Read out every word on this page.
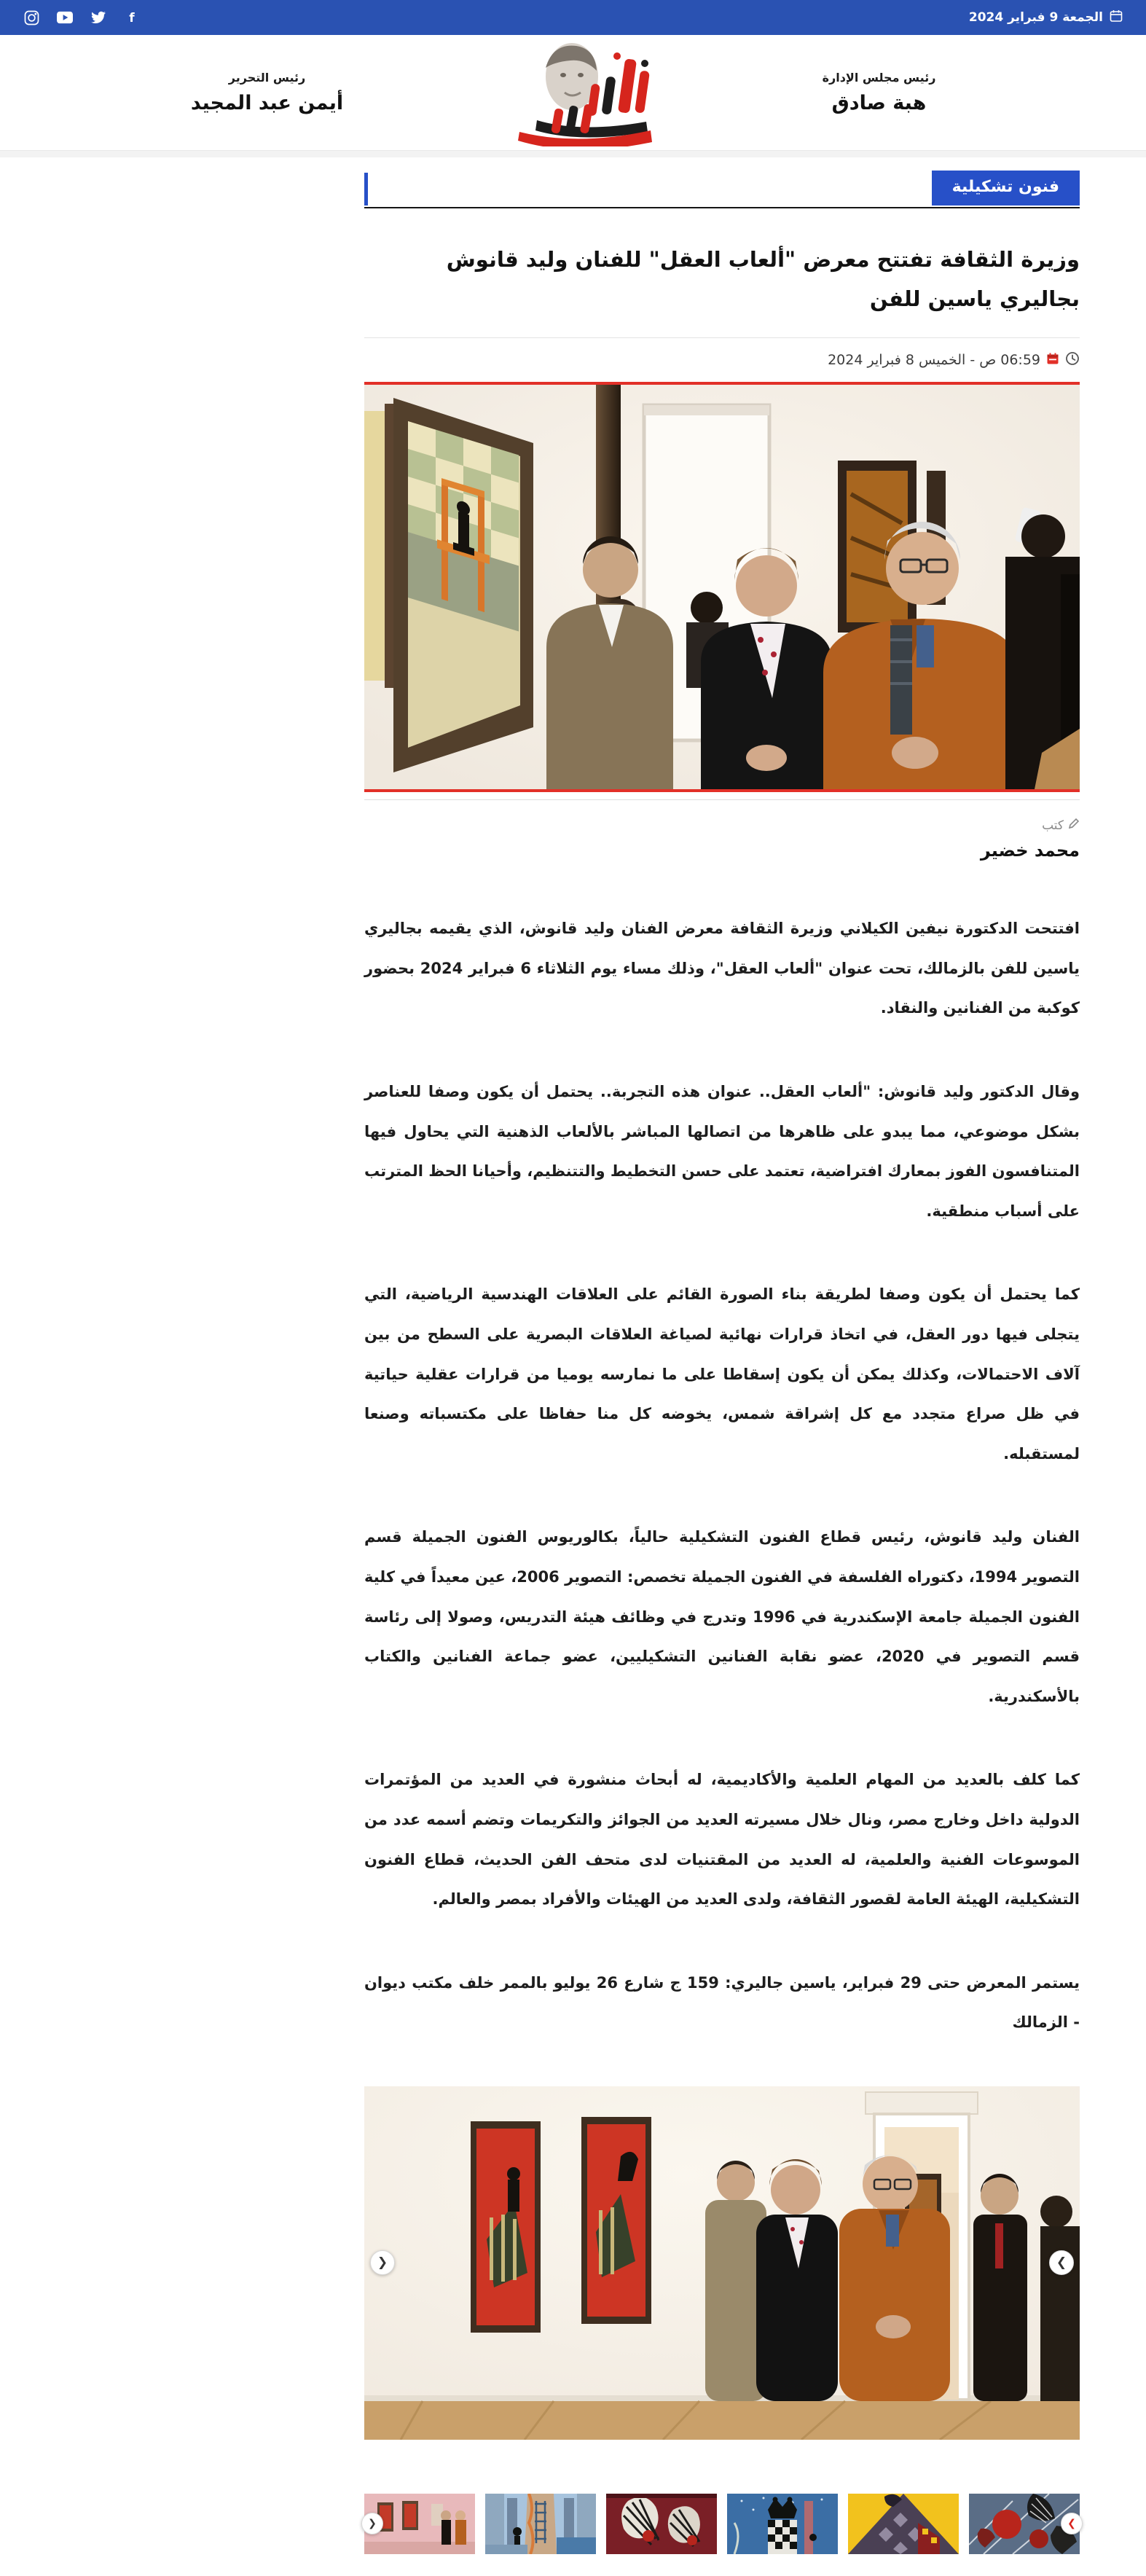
الجمعة 9 فبراير 2024
f
رئيس مجلس الإدارة
هبة صادق
رئيس التحرير
أيمن عبد المجيد
فنون تشكيلية
وزيرة الثقافة تفتتح معرض "ألعاب العقل" للفنان وليد قانوش بجاليري ياسين للفن
06:59 ص - الخميس 8 فبراير 2024
كتب
محمد خضير

افتتحت الدكتورة نيفين الكيلاني وزيرة الثقافة معرض الفنان وليد قانوش، الذي يقيمه بجاليري ياسين للفن بالزمالك، تحت عنوان "ألعاب العقل"، وذلك مساء يوم الثلاثاء 6 فبراير 2024 بحضور كوكبة من الفنانين والنقاد.

وقال الدكتور وليد قانوش: "ألعاب العقل.. عنوان هذه التجربة.. يحتمل أن يكون وصفا للعناصر بشكل موضوعي، مما يبدو على ظاهرها من اتصالها المباشر بالألعاب الذهنية التي يحاول فيها المتنافسون الفوز بمعارك افتراضية، تعتمد على حسن التخطيط والتتنظيم، وأحيانا الحظ المترتب على أسباب منطقية.

كما يحتمل أن يكون وصفا لطريقة بناء الصورة القائم على العلاقات الهندسية الرياضية، التي يتجلى فيها دور العقل، في اتخاذ قرارات نهائية لصياغة العلاقات البصرية على السطح من بين آلاف الاحتمالات، وكذلك يمكن أن يكون إسقاطا على ما نمارسه يوميا من قرارات عقلية حياتية في ظل صراع متجدد مع كل إشراقة شمس، يخوضه كل منا حفاظا على مكتسباته وصنعا لمستقبله.

الفنان وليد قانوش، رئيس قطاع الفنون التشكيلية حالياً، بكالوريوس الفنون الجميلة قسم التصوير 1994، دكتوراه الفلسفة في الفنون الجميلة تخصص: التصوير 2006، عين معيداً في كلية الفنون الجميلة جامعة الإسكندرية في 1996 وتدرج في وظائف هيئة التدريس، وصولا إلى رئاسة قسم التصوير في 2020، عضو نقابة الفنانين التشكيليين، عضو جماعة الفنانين والكتاب بالأسكندرية.

كما كلف بالعديد من المهام العلمية والأكاديمية، له أبحاث منشورة في العديد من المؤتمرات الدولية داخل وخارج مصر، ونال خلال مسيرته العديد من الجوائز والتكريمات وتضم أسمه عدد من الموسوعات الفنية والعلمية، له العديد من المقتنيات لدى متحف الفن الحديث، قطاع الفنون التشكيلية، الهيئة العامة لقصور الثقافة، ولدى العديد من الهيئات والأفراد بمصر والعالم.

يستمر المعرض حتى 29 فبراير، ياسين جاليري: 159 ج شارع 26 يوليو بالممر خلف مكتب ديوان - الزمالك

❮	❯
❮	❯
